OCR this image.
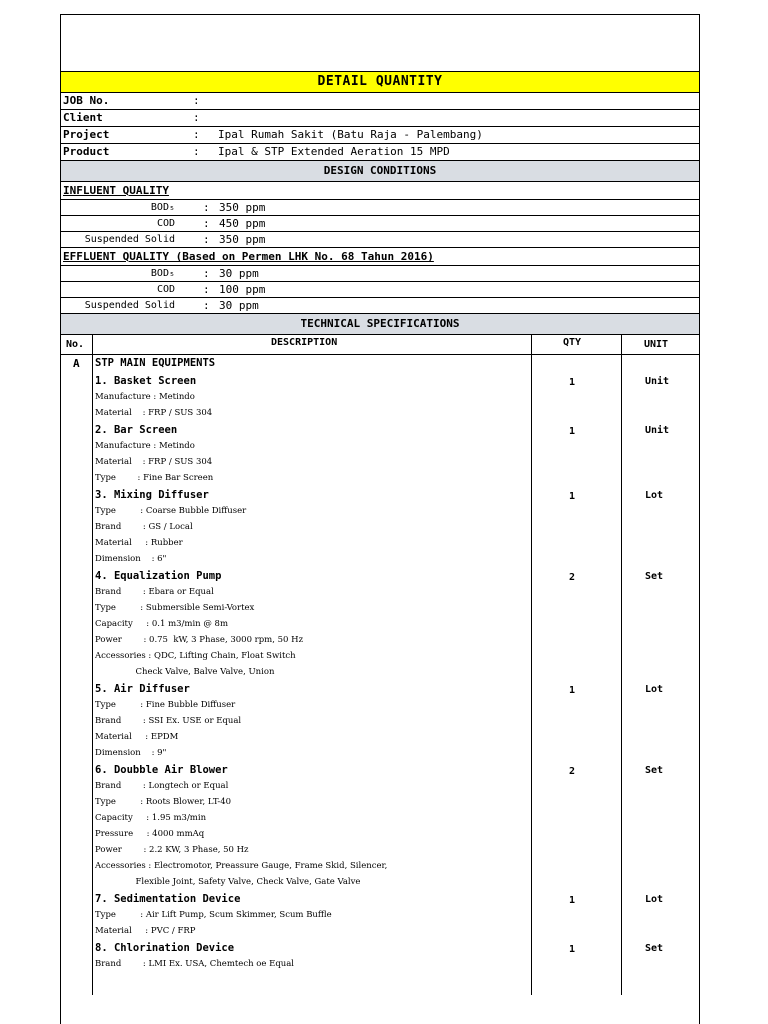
DETAIL QUANTITY
JOB No.	:
Client	:
Project	: Ipal Rumah Sakit (Batu Raja - Palembang)
Product	: Ipal & STP Extended Aeration 15 MPD
DESIGN CONDITIONS
INFLUENT QUALITY
BOD₅	: 350 ppm
COD	: 450 ppm
Suspended Solid	: 350 ppm
EFFLUENT QUALITY (Based on Permen LHK No. 68 Tahun 2016)
BOD₅	: 30 ppm
COD	: 100 ppm
Suspended Solid	: 30 ppm
TECHNICAL SPECIFICATIONS
No.	DESCRIPTION	QTY	UNIT
A STP MAIN EQUIPMENTS
1. Basket Screen	1	Unit
Manufacture : Metindo
Material    : FRP / SUS 304
2. Bar Screen	1	Unit
Manufacture : Metindo
Material    : FRP / SUS 304
Type        : Fine Bar Screen
3. Mixing Diffuser	1	Lot
Type         : Coarse Bubble Diffuser
Brand        : GS / Local
Material     : Rubber
Dimension    : 6"
4. Equalization Pump	2	Set
Brand        : Ebara or Equal
Type         : Submersible Semi-Vortex
Capacity     : 0.1 m3/min @ 8m
Power        : 0.75  kW, 3 Phase, 3000 rpm, 50 Hz
Accessories : QDC, Lifting Chain, Float Switch
Check Valve, Balve Valve, Union
5. Air Diffuser	1	Lot
Type         : Fine Bubble Diffuser
Brand        : SSI Ex. USE or Equal
Material     : EPDM
Dimension    : 9"
6. Doubble Air Blower	2	Set
Brand        : Longtech or Equal
Type         : Roots Blower, LT-40
Capacity     : 1.95 m3/min
Pressure     : 4000 mmAq
Power        : 2.2 KW, 3 Phase, 50 Hz
Accessories : Electromotor, Preassure Gauge, Frame Skid, Silencer,
Flexible Joint, Safety Valve, Check Valve, Gate Valve
7. Sedimentation Device	1	Lot
Type         : Air Lift Pump, Scum Skimmer, Scum Buffle
Material     : PVC / FRP
8. Chlorination Device	1	Set
Brand        : LMI Ex. USA, Chemtech oe Equal
